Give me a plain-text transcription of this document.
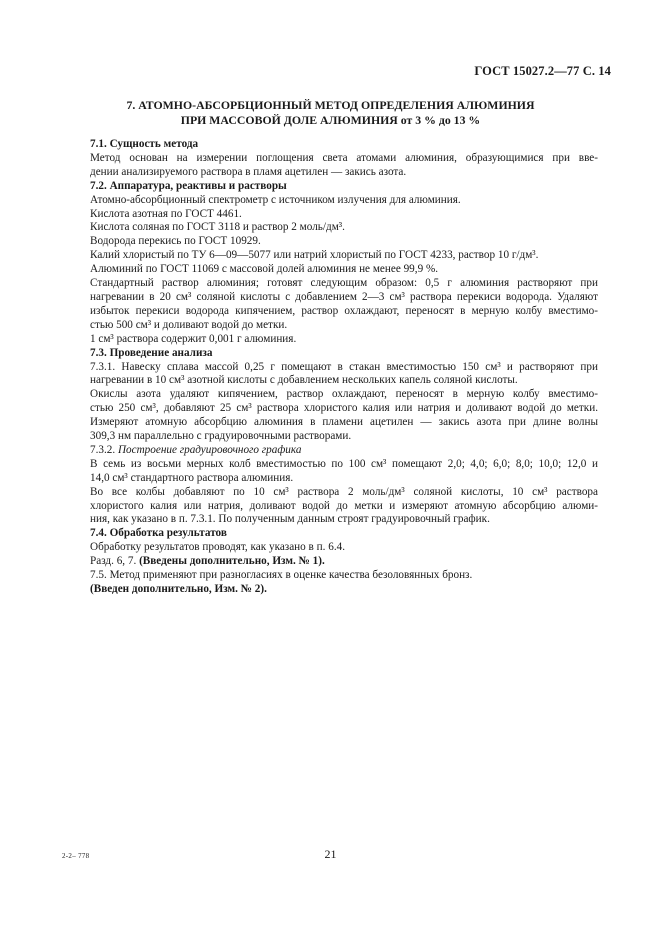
ГОСТ 15027.2—77 С. 14
7. АТОМНО-АБСОРБЦИОННЫЙ МЕТОД ОПРЕДЕЛЕНИЯ АЛЮМИНИЯ
ПРИ МАССОВОЙ ДОЛЕ АЛЮМИНИЯ от 3 % до 13 %

7.1. Сущность метода

Метод основан на измерении поглощения света атомами алюминия, образующимися при вве-

дении анализируемого раствора в пламя ацетилен — закись азота.

7.2. Аппаратура, реактивы и растворы

Атомно-абсорбционный спектрометр с источником излучения для алюминия.

Кислота азотная по ГОСТ 4461.

Кислота соляная по ГОСТ 3118 и раствор 2 моль/дм³.

Водорода перекись по ГОСТ 10929.

Калий хлористый по ТУ 6—09—5077 или натрий хлористый по ГОСТ 4233, раствор 10 г/дм³.

Алюминий по ГОСТ 11069 с массовой долей алюминия не менее 99,9 %.

Стандартный раствор алюминия; готовят следующим образом: 0,5 г алюминия растворяют при

нагревании в 20 см³ соляной кислоты с добавлением 2—3 см³ раствора перекиси водорода. Удаляют

избыток перекиси водорода кипячением, раствор охлаждают, переносят в мерную колбу вместимо-

стью 500 см³ и доливают водой до метки.

1 см³ раствора содержит 0,001 г алюминия.

7.3. Проведение анализа

7.3.1. Навеску сплава массой 0,25 г помещают в стакан вместимостью 150 см³ и растворяют при

нагревании в 10 см³ азотной кислоты с добавлением нескольких капель соляной кислоты.

Окислы азота удаляют кипячением, раствор охлаждают, переносят в мерную колбу вместимо-

стью 250 см³, добавляют 25 см³ раствора хлористого калия или натрия и доливают водой до метки.

Измеряют атомную абсорбцию алюминия в пламени ацетилен — закись азота при длине волны

309,3 нм параллельно с градуировочными растворами.

7.3.2. Построение градуировочного графика

В семь из восьми мерных колб вместимостью по 100 см³ помещают 2,0; 4,0; 6,0; 8,0; 10,0; 12,0 и

14,0 см³ стандартного раствора алюминия.

Во все колбы добавляют по 10 см³ раствора 2 моль/дм³ соляной кислоты, 10 см³ раствора

хлористого калия или натрия, доливают водой до метки и измеряют атомную абсорбцию алюми-

ния, как указано в п. 7.3.1. По полученным данным строят градуировочный график.

7.4. Обработка результатов

Обработку результатов проводят, как указано в п. 6.4.

Разд. 6, 7. (Введены дополнительно, Изм. № 1).

7.5. Метод применяют при разногласиях в оценке качества безоловянных бронз.

(Введен дополнительно, Изм. № 2).

2-2– 778	21
